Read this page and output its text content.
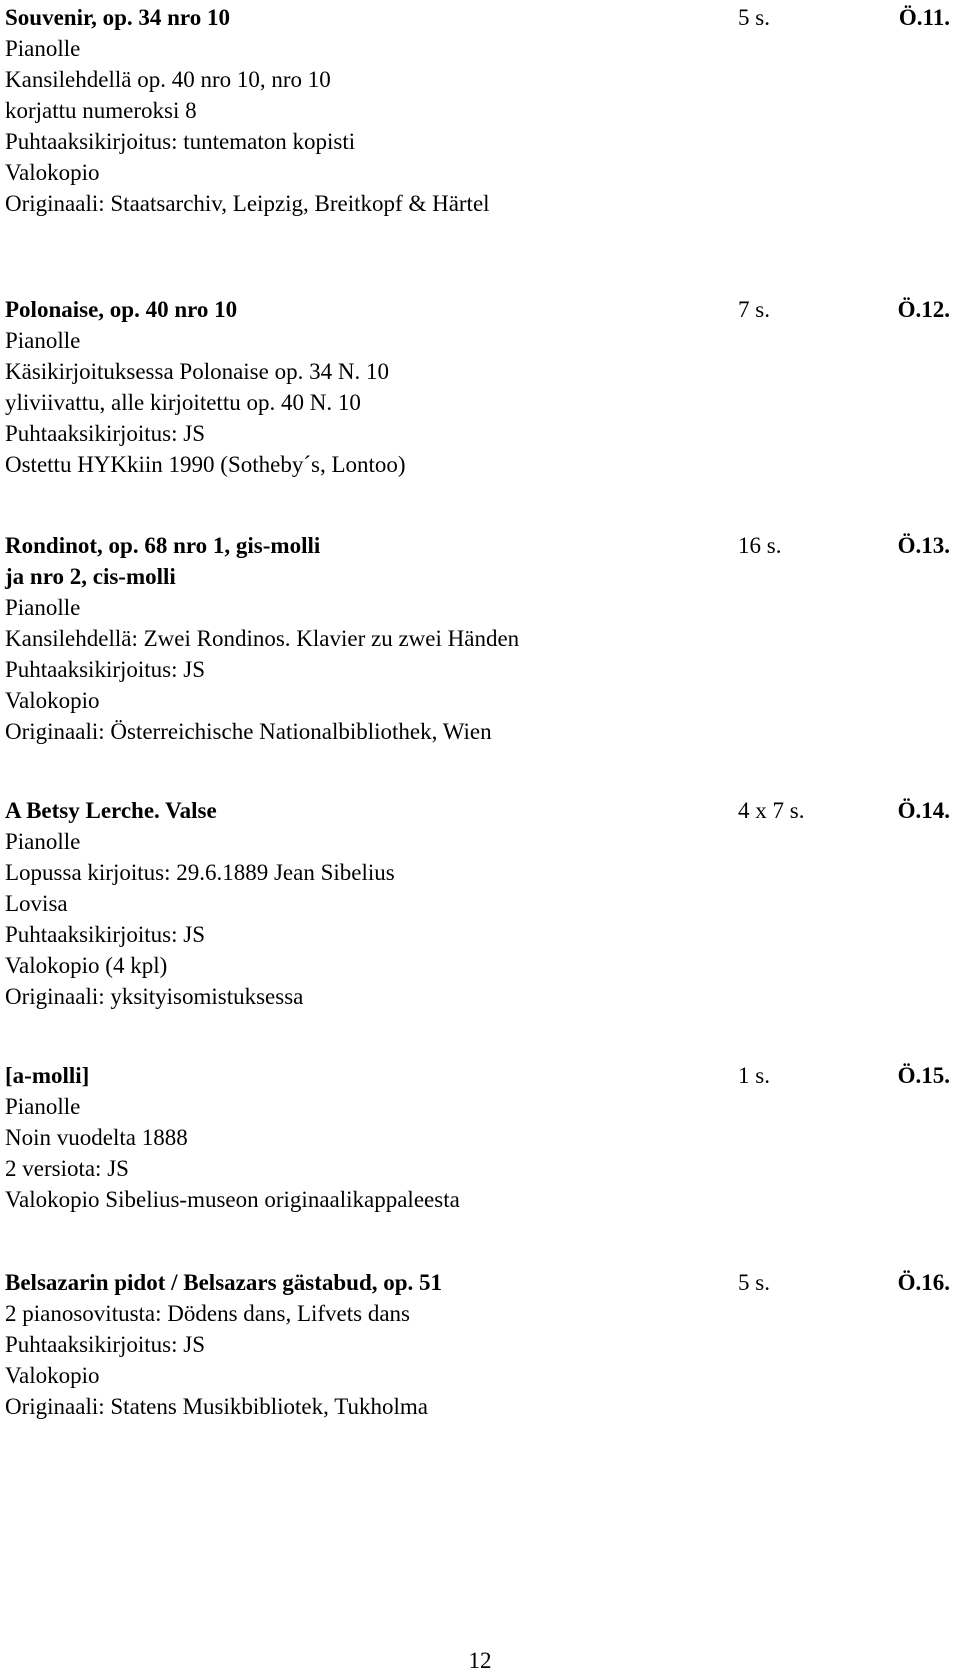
Souvenir, op. 34 nro 10	5 s.	Ö.11.
Pianolle
Kansilehdellä op. 40 nro 10, nro 10
korjattu numeroksi 8
Puhtaaksikirjoitus: tuntematon kopisti
Valokopio
Originaali: Staatsarchiv, Leipzig, Breitkopf & Härtel
Polonaise, op. 40 nro 10	7 s.	Ö.12.
Pianolle
Käsikirjoituksessa Polonaise op. 34 N. 10
yliviivattu, alle kirjoitettu op. 40 N. 10
Puhtaaksikirjoitus: JS
Ostettu HYKkiin 1990 (Sotheby´s, Lontoo)
Rondinot, op. 68 nro 1, gis-molli	16 s.	Ö.13.
ja nro 2, cis-molli
Pianolle
Kansilehdellä: Zwei Rondinos. Klavier zu zwei Händen
Puhtaaksikirjoitus: JS
Valokopio
Originaali: Österreichische Nationalbibliothek, Wien
A Betsy Lerche. Valse	4 x 7 s.	Ö.14.
Pianolle
Lopussa kirjoitus: 29.6.1889 Jean Sibelius
Lovisa
Puhtaaksikirjoitus: JS
Valokopio (4 kpl)
Originaali: yksityisomistuksessa
[a-molli]	1 s.	Ö.15.
Pianolle
Noin vuodelta 1888
2 versiota: JS
Valokopio Sibelius-museon originaalikappaleesta
Belsazarin pidot / Belsazars gästabud, op. 51	5 s.	Ö.16.
2 pianosovitusta: Dödens dans, Lifvets dans
Puhtaaksikirjoitus: JS
Valokopio
Originaali: Statens Musikbibliotek, Tukholma
12
